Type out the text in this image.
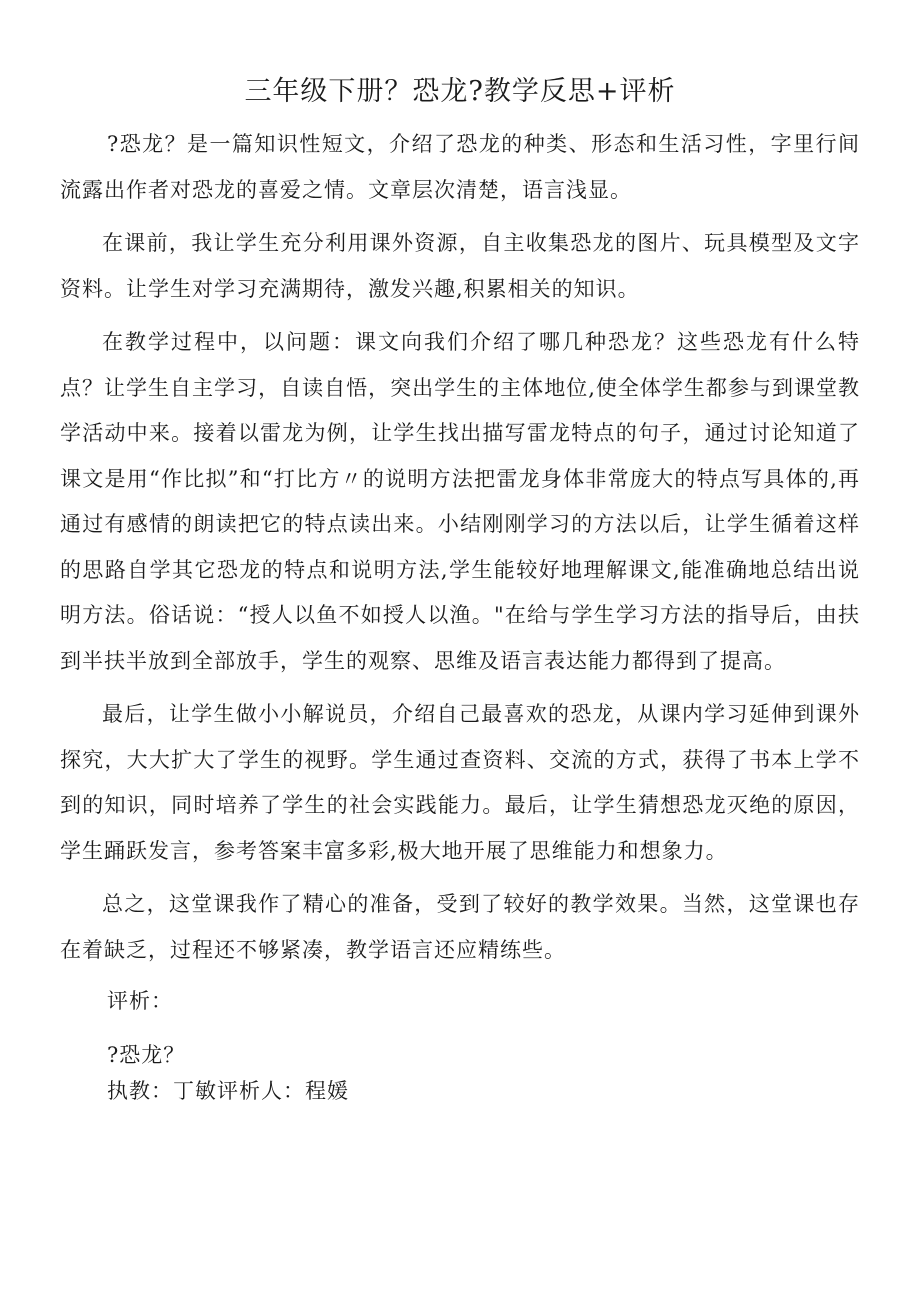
三年级下册？恐龙?教学反思+评析

?恐龙？是一篇知识性短文，介绍了恐龙的种类、形态和生活习性，字里行间流露出作者对恐龙的喜爱之情。文章层次清楚，语言浅显。

在课前，我让学生充分利用课外资源，自主收集恐龙的图片、玩具模型及文字资料。让学生对学习充满期待，激发兴趣,积累相关的知识。

在教学过程中，以问题：课文向我们介绍了哪几种恐龙？这些恐龙有什么特点？让学生自主学习，自读自悟，突出学生的主体地位,使全体学生都参与到课堂教学活动中来。接着以雷龙为例，让学生找出描写雷龙特点的句子，通过讨论知道了课文是用“作比拟”和“打比方〃的说明方法把雷龙身体非常庞大的特点写具体的,再通过有感情的朗读把它的特点读出来。小结刚刚学习的方法以后，让学生循着这样的思路自学其它恐龙的特点和说明方法,学生能较好地理解课文,能准确地总结出说明方法。俗话说：“授人以鱼不如授人以渔。"在给与学生学习方法的指导后，由扶到半扶半放到全部放手，学生的观察、思维及语言表达能力都得到了提高。

最后，让学生做小小解说员，介绍自己最喜欢的恐龙，从课内学习延伸到课外探究，大大扩大了学生的视野。学生通过查资料、交流的方式，获得了书本上学不到的知识，同时培养了学生的社会实践能力。最后，让学生猜想恐龙灭绝的原因，学生踊跃发言，参考答案丰富多彩,极大地开展了思维能力和想象力。

总之，这堂课我作了精心的准备，受到了较好的教学效果。当然，这堂课也存在着缺乏，过程还不够紧凑，教学语言还应精练些。

评析：

?恐龙？

执教：丁敏评析人：程媛
